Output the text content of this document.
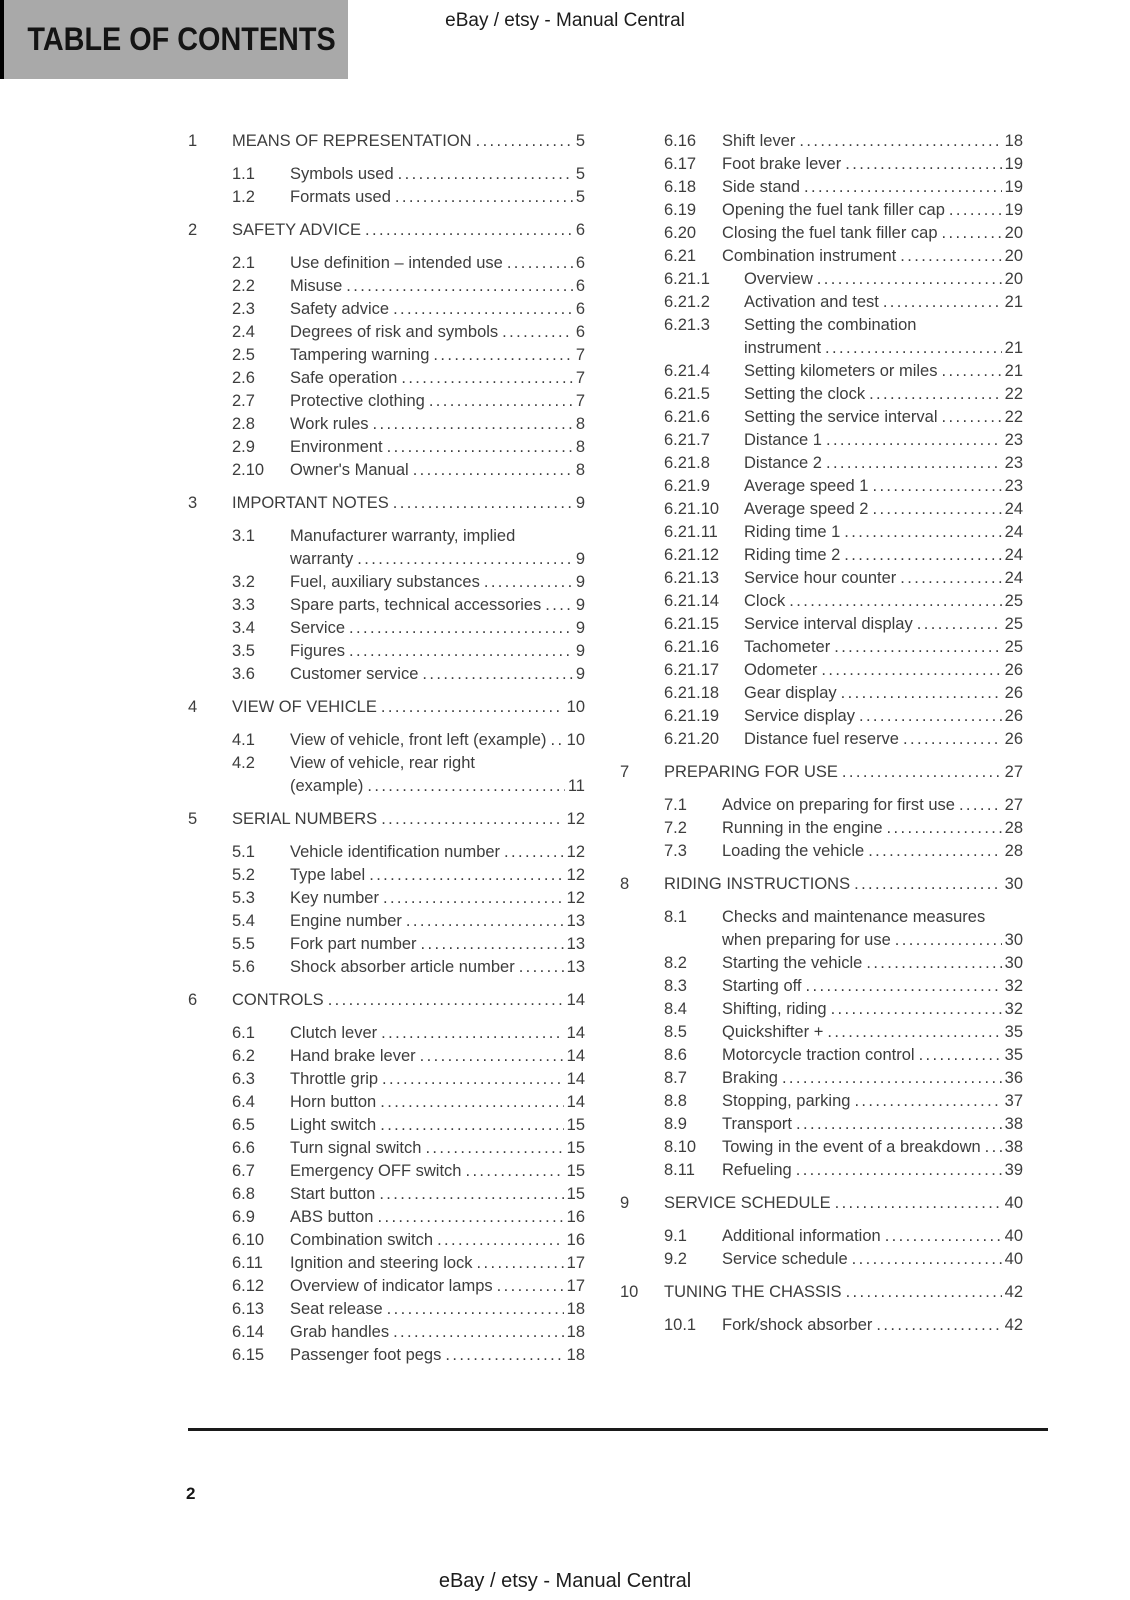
TABLE OF CONTENTS
eBay / etsy - Manual Central
1	MEANS OF REPRESENTATION .....	5
1.1	Symbols used .....	5
1.2	Formats used .....	5
2	SAFETY ADVICE .....	6
2.1	Use definition – intended use .....	6
2.2	Misuse .....	6
2.3	Safety advice .....	6
2.4	Degrees of risk and symbols .....	6
2.5	Tampering warning .....	7
2.6	Safe operation .....	7
2.7	Protective clothing .....	7
2.8	Work rules .....	8
2.9	Environment .....	8
2.10	Owner's Manual .....	8
3	IMPORTANT NOTES .....	9
3.1	Manufacturer warranty, implied
warranty .....	9
3.2	Fuel, auxiliary substances .....	9
3.3	Spare parts, technical accessories ..... 9
3.4	Service .....	9
3.5	Figures .....	9
3.6	Customer service .....	9
4	VIEW OF VEHICLE .....	10
4.1	View of vehicle, front left (example) ..... 10
4.2	View of vehicle, rear right
(example) .....	11
5	SERIAL NUMBERS .....	12
5.1	Vehicle identification number .....	12
5.2	Type label .....	12
5.3	Key number .....	12
5.4	Engine number .....	13
5.5	Fork part number .....	13
5.6	Shock absorber article number .....	13
6	CONTROLS .....	14
6.1	Clutch lever .....	14
6.2	Hand brake lever .....	14
6.3	Throttle grip .....	14
6.4	Horn button .....	14
6.5	Light switch .....	15
6.6	Turn signal switch .....	15
6.7	Emergency OFF switch .....	15
6.8	Start button .....	15
6.9	ABS button .....	16
6.10	Combination switch .....	16
6.11	Ignition and steering lock .....	17
6.12	Overview of indicator lamps .....	17
6.13	Seat release .....	18
6.14	Grab handles .....	18
6.15	Passenger foot pegs .....	18
6.16	Shift lever .....	18
6.17	Foot brake lever .....	19
6.18	Side stand .....	19
6.19	Opening the fuel tank filler cap .....	19
6.20	Closing the fuel tank filler cap .....	20
6.21	Combination instrument .....	20
6.21.1	Overview .....	20
6.21.2	Activation and test .....	21
6.21.3	Setting the combination
instrument .....	21
6.21.4	Setting kilometers or miles .....	21
6.21.5	Setting the clock .....	22
6.21.6	Setting the service interval .....	22
6.21.7	Distance 1 .....	23
6.21.8	Distance 2 .....	23
6.21.9	Average speed 1 .....	23
6.21.10	Average speed 2 .....	24
6.21.11	Riding time 1 .....	24
6.21.12	Riding time 2 .....	24
6.21.13	Service hour counter .....	24
6.21.14	Clock .....	25
6.21.15	Service interval display .....	25
6.21.16	Tachometer .....	25
6.21.17	Odometer .....	26
6.21.18	Gear display .....	26
6.21.19	Service display .....	26
6.21.20	Distance fuel reserve .....	26
7	PREPARING FOR USE .....	27
7.1	Advice on preparing for first use .....	27
7.2	Running in the engine .....	28
7.3	Loading the vehicle .....	28
8	RIDING INSTRUCTIONS .....	30
8.1	Checks and maintenance measures
when preparing for use .....	30
8.2	Starting the vehicle .....	30
8.3	Starting off .....	32
8.4	Shifting, riding .....	32
8.5	Quickshifter + .....	35
8.6	Motorcycle traction control .....	35
8.7	Braking .....	36
8.8	Stopping, parking .....	37
8.9	Transport .....	38
8.10	Towing in the event of a breakdown ..... 38
8.11	Refueling .....	39
9	SERVICE SCHEDULE .....	40
9.1	Additional information .....	40
9.2	Service schedule .....	40
10	TUNING THE CHASSIS .....	42
10.1	Fork/shock absorber .....	42
2
eBay / etsy - Manual Central
